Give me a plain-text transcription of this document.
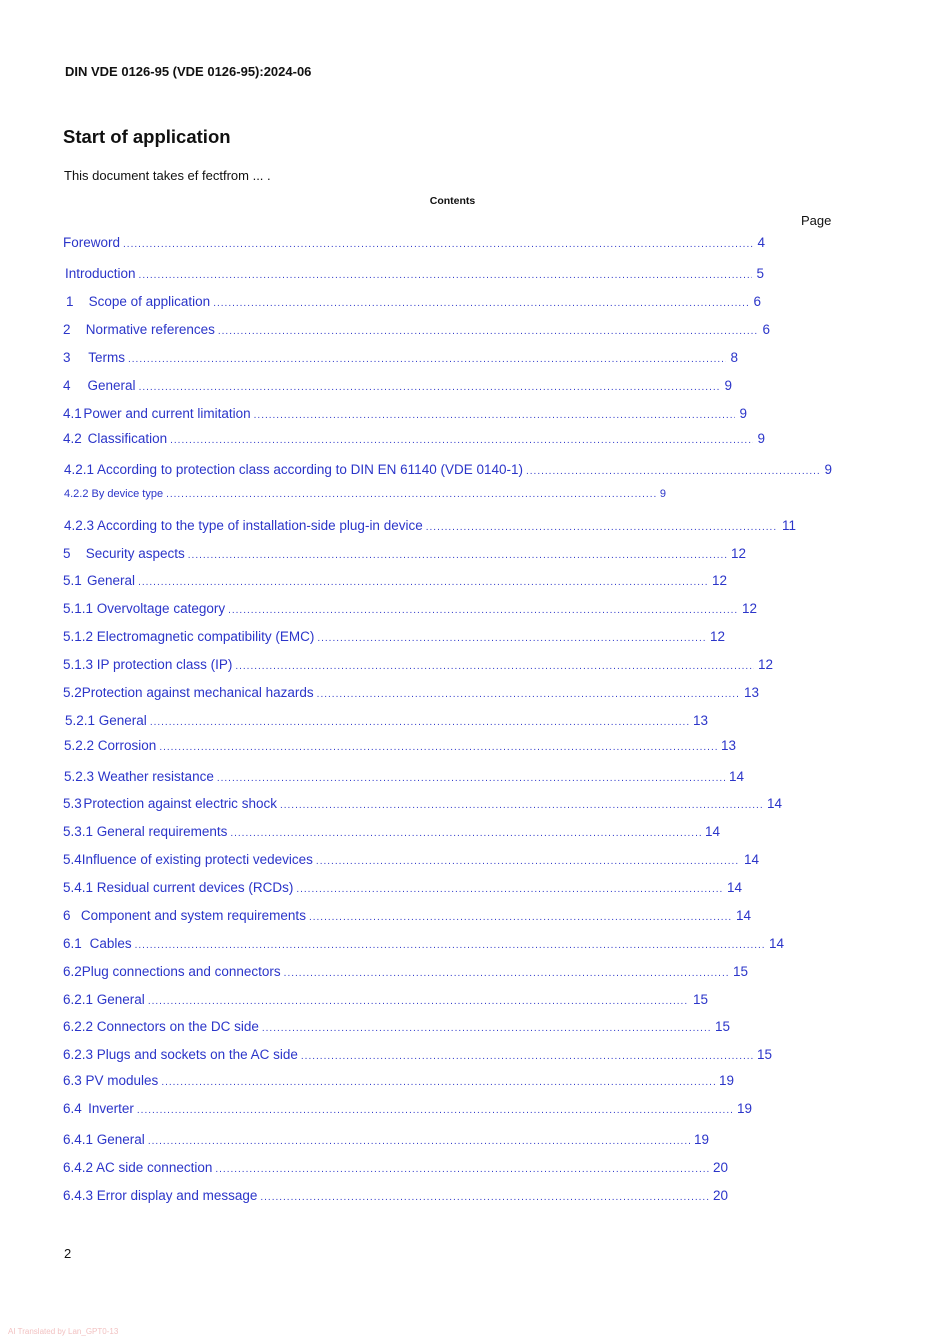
DIN VDE 0126-95 (VDE 0126-95):2024-06
Start of application
This document takes ef fectfrom ... .
Contents
Page
Foreword .....	4
Introduction .....	5
1	Scope of application .....	6
2	Normative references .....	6
3	Terms .....	8
4	General .....	9
4.1 Power and current limitation .....	9
4.2 Classification .....	9
4.2.1 According to protection class according to DIN EN 61140 (VDE 0140-1) .....	9
4.2.2 By device type .....	9
4.2.3 According to the type of installation-side plug-in device .....	11
5	Security aspects .....	12
5.1 General .....	12
5.1.1 Overvoltage category .....	12
5.1.2 Electromagnetic compatibility (EMC) .....	12
5.1.3 IP protection class (IP) .....	12
5.2 Protection against mechanical hazards .....	13
5.2.1 General .....	13
5.2.2 Corrosion .....	13
5.2.3 Weather resistance .....	14
5.3 Protection against electric shock .....	14
5.3.1 General requirements .....	14
5.4 Influence of existing protecti vedevices .....	14
5.4.1 Residual current devices (RCDs) .....	14
6 Component and system requirements .....	14
6.1 Cables .....	14
6.2 Plug connections and connectors .....	15
6.2.1 General .....	15
6.2.2 Connectors on the DC side .....	15
6.2.3 Plugs and sockets on the AC side .....	15
6.3 PV modules .....	19
6.4 Inverter .....	19
6.4.1 General .....	19
6.4.2 AC side connection .....	20
6.4.3 Error display and message .....	20
2
AI Translated by Lan_GPT0-13
